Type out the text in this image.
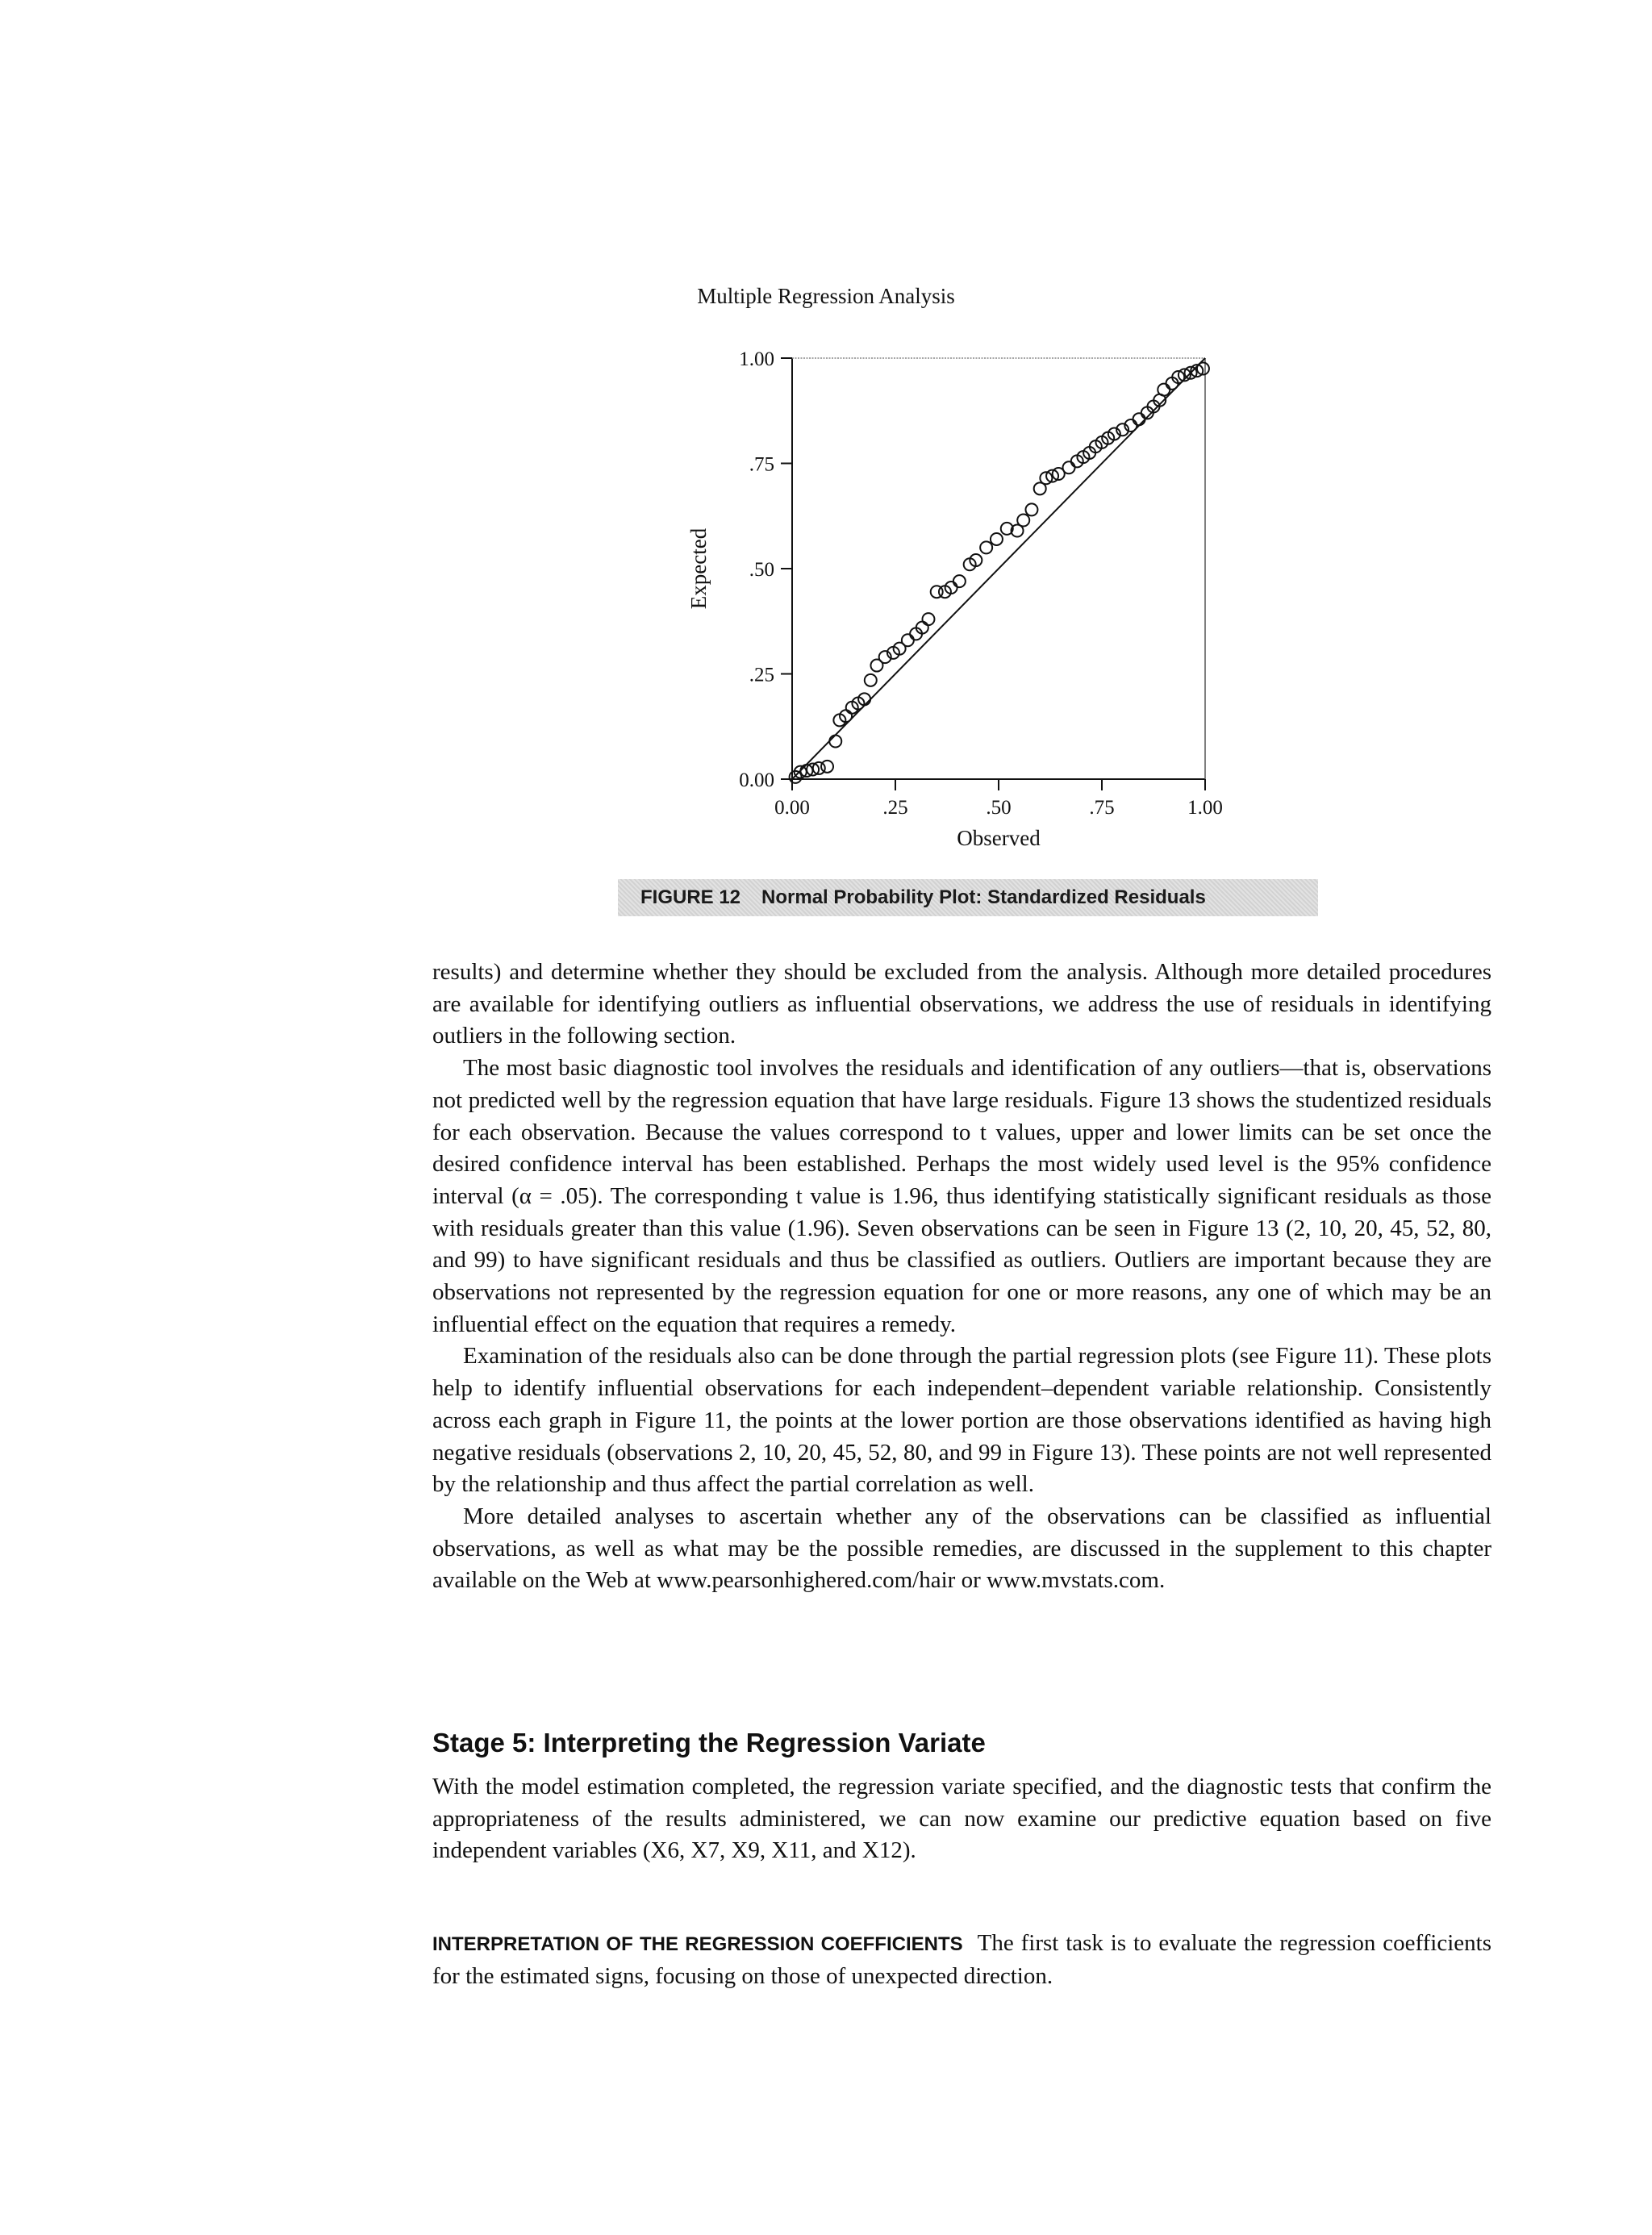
Multiple Regression Analysis
0.00	.25	.50	.75	1.00
0.00
.25
.50
.75
1.00
Observed
Expected
FIGURE 12 Normal Probability Plot: Standardized Residuals

results) and determine whether they should be excluded from the analysis. Although more detailed procedures are available for identifying outliers as influential observations, we address the use of residuals in identifying outliers in the following section.

The most basic diagnostic tool involves the residuals and identification of any outliers—that is, observations not predicted well by the regression equation that have large residuals. Figure 13 shows the studentized residuals for each observation. Because the values correspond to t values, upper and lower limits can be set once the desired confidence interval has been established. Perhaps the most widely used level is the 95% confidence interval (α = .05). The corresponding t value is 1.96, thus identifying statistically significant residuals as those with residuals greater than this value (1.96). Seven observations can be seen in Figure 13 (2, 10, 20, 45, 52, 80, and 99) to have significant residuals and thus be classified as outliers. Outliers are important because they are observations not represented by the regression equation for one or more reasons, any one of which may be an influential effect on the equation that requires a remedy.

Examination of the residuals also can be done through the partial regression plots (see Figure 11). These plots help to identify influential observations for each independent–dependent variable relationship. Consistently across each graph in Figure 11, the points at the lower portion are those observations identified as having high negative residuals (observations 2, 10, 20, 45, 52, 80, and 99 in Figure 13). These points are not well represented by the relationship and thus affect the partial correlation as well.

More detailed analyses to ascertain whether any of the observations can be classified as influential observations, as well as what may be the possible remedies, are discussed in the supplement to this chapter available on the Web at www.pearsonhighered.com/hair or www.mvstats.com.

Stage 5: Interpreting the Regression Variate

With the model estimation completed, the regression variate specified, and the diagnostic tests that confirm the appropriateness of the results administered, we can now examine our predictive equation based on five independent variables (X6, X7, X9, X11, and X12).

INTERPRETATION OF THE REGRESSION COEFFICIENTS The first task is to evaluate the regression coefficients for the estimated signs, focusing on those of unexpected direction.
